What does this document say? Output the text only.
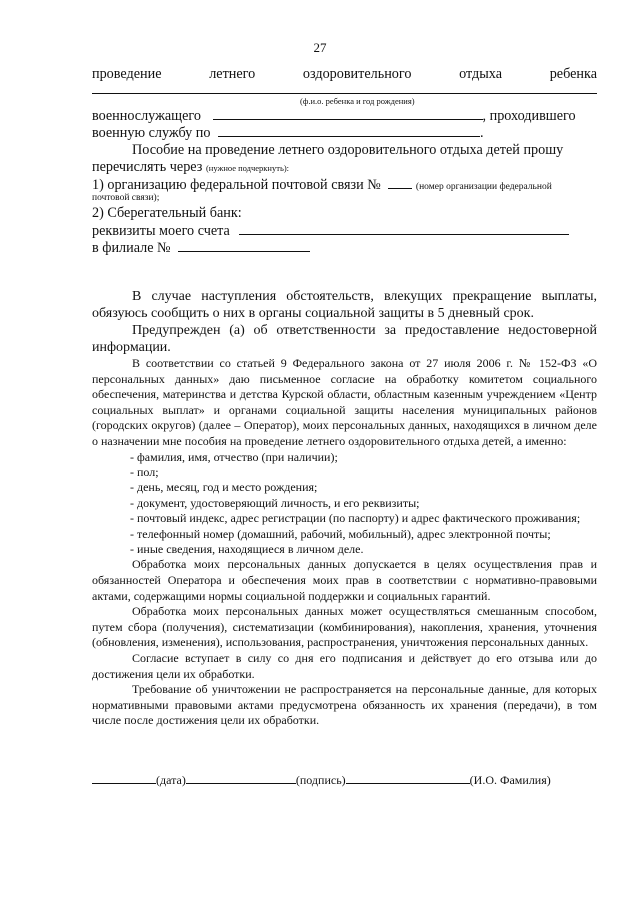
27
проведение	летнего	оздоровительного	отдыха	ребенка
(ф.и.о. ребенка и год рождения)
военнослужащего	, проходившего
военную службу по	.
Пособие на проведение летнего оздоровительного отдыха детей прошу
перечислять через (нужное подчеркнуть):
1) организацию федеральной почтовой связи №	(номер организации федеральной
почтовой связи);
2) Сберегательный банк:
реквизиты моего счета
в филиале №

В случае наступления обстоятельств, влекущих прекращение выплаты, обязуюсь сообщить о них в органы социальной защиты в 5 дневный срок.

Предупрежден (а) об ответственности за предоставление недостоверной информации.

В соответствии со статьей 9 Федерального закона от 27 июля 2006 г. № 152-ФЗ «О персональных данных» даю письменное согласие на обработку комитетом социального обеспечения, материнства и детства Курской области, областным казенным учреждением «Центр социальных выплат» и органами социальной защиты населения муниципальных районов (городских округов) (далее – Оператор), моих персональных данных, находящихся в личном деле о назначении мне пособия на проведение летнего оздоровительного отдыха детей, а именно:

- фамилия, имя, отчество (при наличии);

- пол;

- день, месяц, год и место рождения;

- документ, удостоверяющий личность, и его реквизиты;

- почтовый индекс, адрес регистрации (по паспорту) и адрес фактического проживания;

- телефонный номер (домашний, рабочий, мобильный), адрес электронной почты;

- иные сведения, находящиеся в личном деле.

Обработка моих персональных данных допускается в целях осуществления прав и обязанностей Оператора и обеспечения моих прав в соответствии с нормативно-правовыми актами, содержащими нормы социальной поддержки и социальных гарантий.

Обработка моих персональных данных может осуществляться смешанным способом, путем сбора (получения), систематизации (комбинирования), накопления, хранения, уточнения (обновления, изменения), использования, распространения, уничтожения персональных данных.

Согласие вступает в силу со дня его подписания и действует до его отзыва или до достижения цели их обработки.

Требование об уничтожении не распространяется на персональные данные, для которых нормативными правовыми актами предусмотрена обязанность их хранения (передачи), в том числе после достижения цели их обработки.

(дата)	(подпись)	(И.О. Фамилия)
